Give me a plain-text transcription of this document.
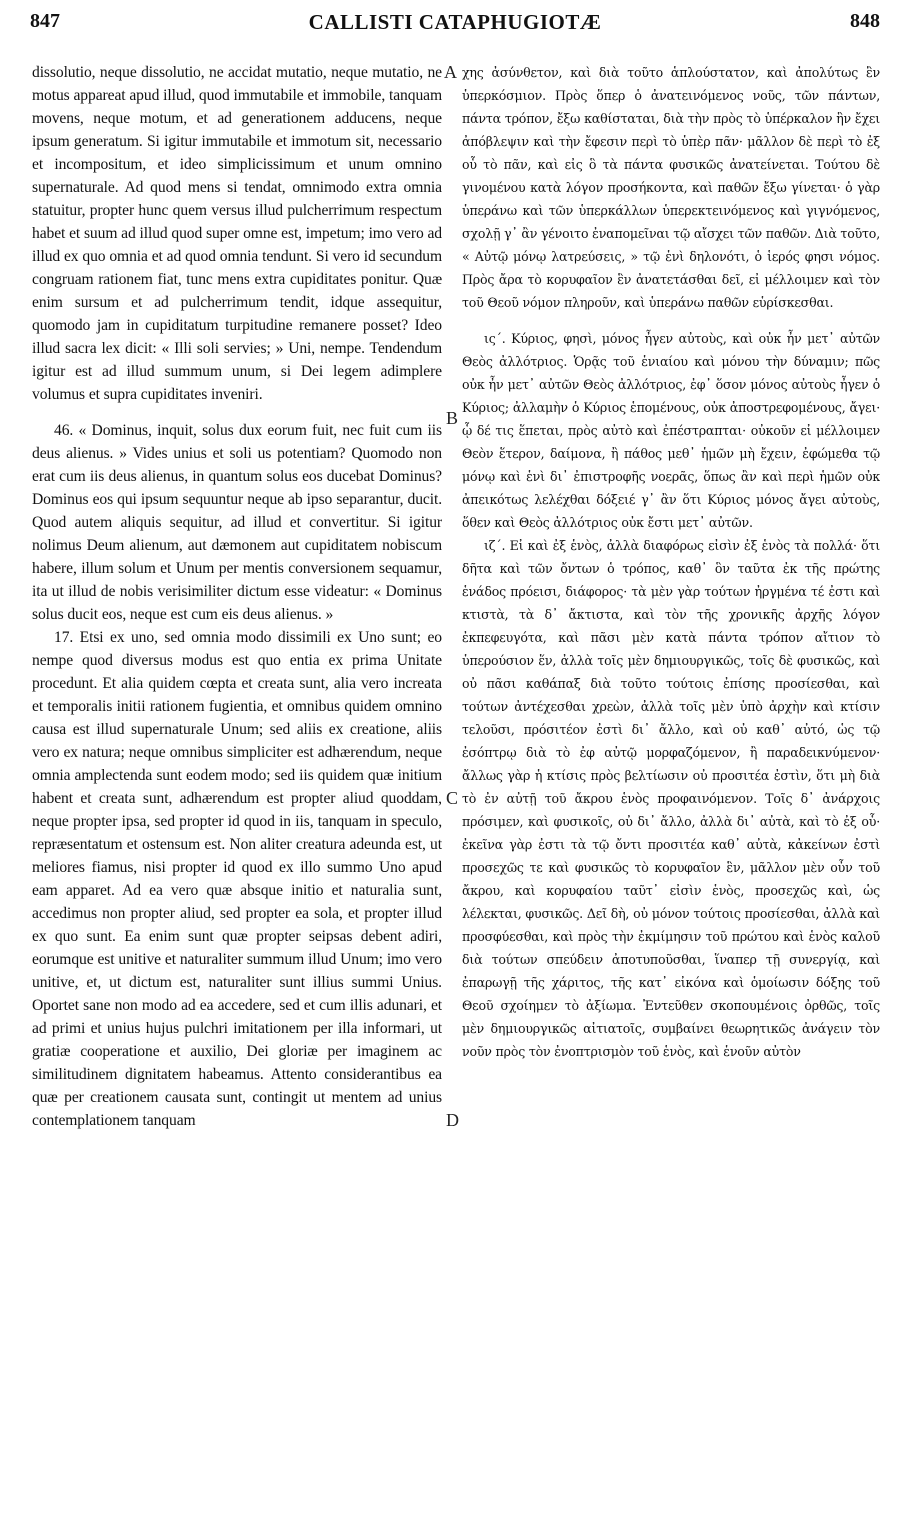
847	CALLISTI CATAPHUGIOTÆ	848

dissolutio, neque dissolutio, ne accidat mutatio, neque mutatio, ne motus appareat apud illud, quod immutabile et immobile, tanquam movens, neque motum, et ad generationem adducens, neque ipsum generatum. Si igitur immutabile et immotum sit, necessario et incompositum, et ideo simplicissimum et unum omnino supernaturale. Ad quod mens si tendat, omnimodo extra omnia statuitur, propter hunc quem versus illud pulcherrimum respectum habet et suum ad illud quod super omne est, impetum; imo vero ad illud ex quo omnia et ad quod omnia tendunt. Si vero id secundum congruam rationem fiat, tunc mens extra cupiditates ponitur. Quæ enim sursum et ad pulcherrimum tendit, idque assequitur, quomodo jam in cupiditatum turpitudine remanere posset? Ideo illud sacra lex dicit: « Illi soli servies; » Uni, nempe. Tendendum igitur est ad illud summum unum, si Dei legem adimplere volumus et supra cupiditates inveniri.

46. « Dominus, inquit, solus dux eorum fuit, nec fuit cum iis deus alienus. » Vides unius et soli us potentiam? Quomodo non erat cum iis deus alienus, in quantum solus eos ducebat Dominus? Dominus eos qui ipsum sequuntur neque ab ipso separantur, ducit. Quod autem aliquis sequitur, ad illud et convertitur. Si igitur nolimus Deum alienum, aut dæmonem aut cupiditatem nobiscum habere, illum solum et Unum per mentis conversionem sequamur, ita ut illud de nobis verisimiliter dictum esse videatur: « Dominus solus ducit eos, neque est cum eis deus alienus. »

17. Etsi ex uno, sed omnia modo dissimili ex Uno sunt; eo nempe quod diversus modus est quo entia ex prima Unitate procedunt. Et alia quidem cœpta et creata sunt, alia vero increata et temporalis initii rationem fugientia, et omnibus quidem omnino causa est illud supernaturale Unum; sed aliis ex creatione, aliis vero ex natura; neque omnibus simpliciter est adhærendum, neque omnia amplectenda sunt eodem modo; sed iis quidem quæ initium habent et creata sunt, adhærendum est propter aliud quoddam, neque propter ipsa, sed propter id quod in iis, tanquam in speculo, repræsentatum et ostensum est. Non aliter creatura adeunda est, ut meliores fiamus, nisi propter id quod ex illo summo Uno apud eam apparet. Ad ea vero quæ absque initio et naturalia sunt, accedimus non propter aliud, sed propter ea sola, et propter illud ex quo sunt. Ea enim sunt quæ propter seipsas debent adiri, eorumque est unitive et naturaliter summum illud Unum; imo vero unitive, et, ut dictum est, naturaliter sunt illius summi Unius. Oportet sane non modo ad ea accedere, sed et cum illis adunari, et ad primi et unius hujus pulchri imitationem per illa informari, ut gratiæ cooperatione et auxilio, Dei gloriæ per imaginem ac similitudinem dignitatem habeamus. Attento considerantibus ea quæ per creationem causata sunt, contingit ut mentem ad unius contemplationem tanquam

χης ἀσύνθετον, καὶ διὰ τοῦτο ἁπλούστατον, καὶ ἀπολύτως ἓν ὑπερκόσμιον. Πρὸς ὅπερ ὁ ἀνατεινόμενος νοῦς, τῶν πάντων, πάντα τρόπον, ἔξω καθίσταται, διὰ τὴν πρὸς τὸ ὑπέρκαλον ἣν ἔχει ἀπόβλεψιν καὶ τὴν ἔφεσιν περὶ τὸ ὑπὲρ πᾶν· μᾶλλον δὲ περὶ τὸ ἐξ οὗ τὸ πᾶν, καὶ εἰς ὃ τὰ πάντα φυσικῶς ἀνατείνεται. Τούτου δὲ γινομένου κατὰ λόγον προσήκοντα, καὶ παθῶν ἔξω γίνεται· ὁ γὰρ ὑπεράνω καὶ τῶν ὑπερκάλλων ὑπερεκτεινόμενος καὶ γιγνόμενος, σχολῇ γ᾽ ἂν γένοιτο ἐναπομεῖναι τῷ αἴσχει τῶν παθῶν. Διὰ τοῦτο, « Αὐτῷ μόνῳ λατρεύσεις, » τῷ ἑνὶ δηλονότι, ὁ ἱερός φησι νόμος. Πρὸς ἄρα τὸ κορυφαῖον ἓν ἀνατετάσθαι δεῖ, εἰ μέλλοιμεν καὶ τὸν τοῦ Θεοῦ νόμον πληροῦν, καὶ ὑπεράνω παθῶν εὑρίσκεσθαι.

ις΄. Κύριος, φησὶ, μόνος ἦγεν αὐτοὺς, καὶ οὐκ ἦν μετ᾽ αὐτῶν Θεὸς ἀλλότριος. Ὁρᾷς τοῦ ἑνιαίου καὶ μόνου τὴν δύναμιν; πῶς οὐκ ἦν μετ᾽ αὐτῶν Θεὸς ἀλλότριος, ἐφ᾽ ὅσον μόνος αὐτοὺς ἦγεν ὁ Κύριος; ἀλλαμὴν ὁ Κύριος ἑπομένους, οὐκ ἀποστρεφομένους, ἄγει· ᾧ δέ τις ἕπεται, πρὸς αὐτὸ καὶ ἐπέστραπται· οὐκοῦν εἰ μέλλοιμεν Θεὸν ἕτερον, δαίμονα, ἢ πάθος μεθ᾽ ἡμῶν μὴ ἔχειν, ἐφώμεθα τῷ μόνῳ καὶ ἑνὶ δι᾽ ἐπιστροφῆς νοερᾶς, ὅπως ἂν καὶ περὶ ἡμῶν οὐκ ἀπεικότως λελέχθαι δόξειέ γ᾽ ἂν ὅτι Κύριος μόνος ἄγει αὐτοὺς, ὅθεν καὶ Θεὸς ἀλλότριος οὐκ ἔστι μετ᾽ αὐτῶν.

ιζ΄. Εἰ καὶ ἐξ ἑνὸς, ἀλλὰ διαφόρως εἰσὶν ἐξ ἑνὸς τὰ πολλά· ὅτι δῆτα καὶ τῶν ὄντων ὁ τρόπος, καθ᾽ ὃν ταῦτα ἐκ τῆς πρώτης ἑνάδος πρόεισι, διάφορος· τὰ μὲν γὰρ τούτων ἠργμένα τέ ἐστι καὶ κτιστὰ, τὰ δ᾽ ἄκτιστα, καὶ τὸν τῆς χρονικῆς ἀρχῆς λόγον ἐκπεφευγότα, καὶ πᾶσι μὲν κατὰ πάντα τρόπον αἴτιον τὸ ὑπερούσιον ἕν, ἀλλὰ τοῖς μὲν δημιουργικῶς, τοῖς δὲ φυσικῶς, καὶ οὐ πᾶσι καθάπαξ διὰ τοῦτο τούτοις ἐπίσης προσίεσθαι, καὶ τούτων ἀντέχεσθαι χρεὼν, ἀλλὰ τοῖς μὲν ὑπὸ ἀρχὴν καὶ κτίσιν τελοῦσι, πρόσιτέον ἐστὶ δι᾽ ἄλλο, καὶ οὐ καθ᾽ αὐτό, ὡς τῷ ἐσόπτρῳ διὰ τὸ ἐφ αὐτῷ μορφαζόμενον, ἢ παραδεικνύμενον· ἄλλως γὰρ ἡ κτίσις πρὸς βελτίωσιν οὐ προσιτέα ἐστὶν, ὅτι μὴ διὰ τὸ ἐν αὐτῇ τοῦ ἄκρου ἑνὸς προφαινόμενον. Τοῖς δ᾽ ἀνάρχοις πρόσιμεν, καὶ φυσικοῖς, οὐ δι᾽ ἄλλο, ἀλλὰ δι᾽ αὐτὰ, καὶ τὸ ἐξ οὗ· ἐκεῖνα γὰρ ἐστι τὰ τῷ ὄντι προσιτέα καθ᾽ αὐτὰ, κἀκείνων ἐστὶ προσεχῶς τε καὶ φυσικῶς τὸ κορυφαῖον ἓν, μᾶλλον μὲν οὖν τοῦ ἄκρου, καὶ κορυφαίου ταῦτ᾽ εἰσὶν ἑνὸς, προσεχῶς καὶ, ὡς λέλεκται, φυσικῶς. Δεῖ δὴ, οὐ μόνον τούτοις προσίεσθαι, ἀλλὰ καὶ προσφύεσθαι, καὶ πρὸς τὴν ἐκμίμησιν τοῦ πρώτου καὶ ἑνὸς καλοῦ διὰ τούτων σπεύδειν ἀποτυποῦσθαι, ἵναπερ τῇ συνεργίᾳ, καὶ ἐπαρωγῇ τῆς χάριτος, τῆς κατ᾽ εἰκόνα καὶ ὁμοίωσιν δόξης τοῦ Θεοῦ σχοίημεν τὸ ἀξίωμα. Ἐντεῦθεν σκοπουμένοις ὀρθῶς, τοῖς μὲν δημιουργικῶς αἰτιατοῖς, συμβαίνει θεωρητικῶς ἀνάγειν τὸν νοῦν πρὸς τὸν ἐνοπτρισμὸν τοῦ ἑνὸς, καὶ ἑνοῦν αὐτὸν

A
B
C
D
